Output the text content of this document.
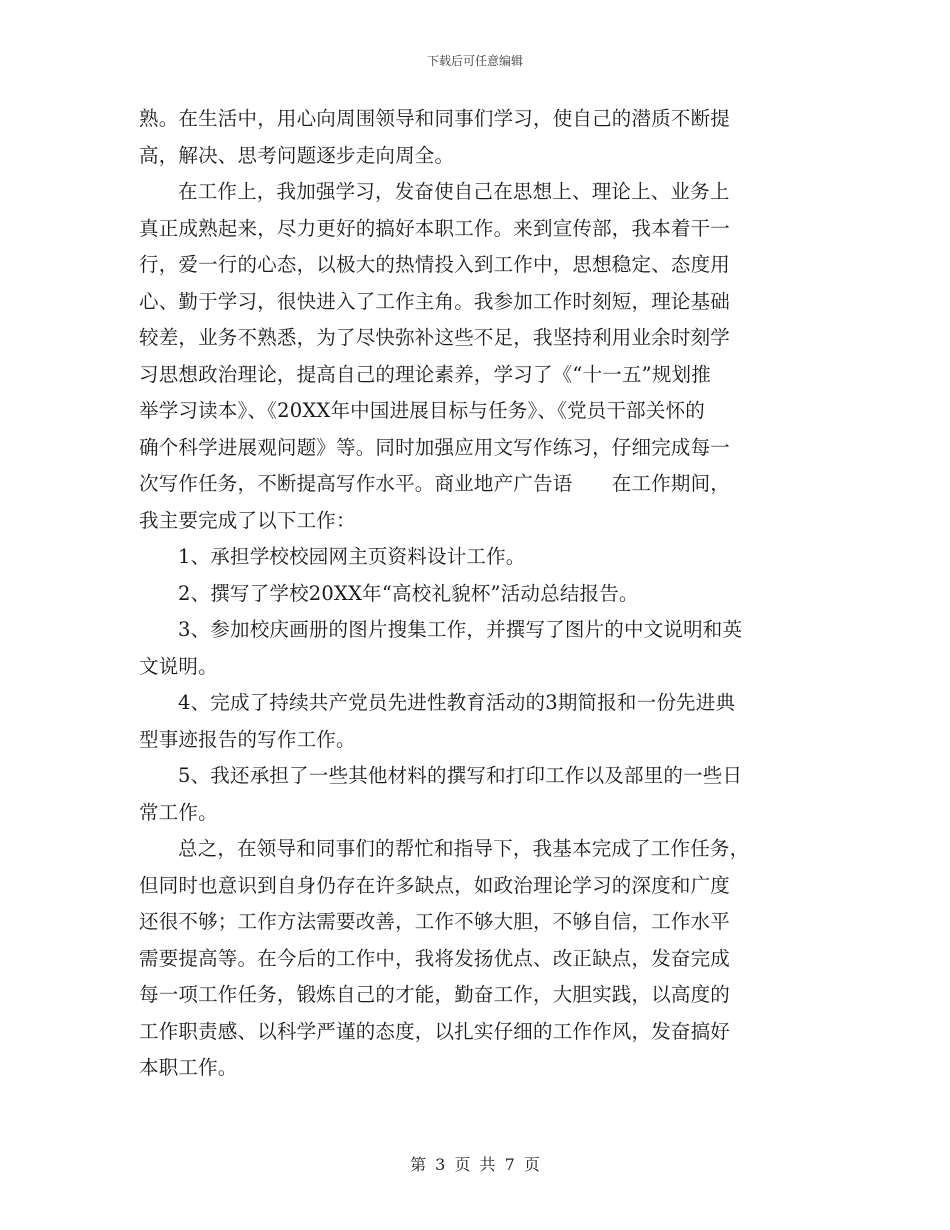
下载后可任意编辑
熟。在生活中，用心向周围领导和同事们学习，使自己的潜质不断提
高，解决、思考问题逐步走向周全。
在工作上，我加强学习，发奋使自己在思想上、理论上、业务上
真正成熟起来，尽力更好的搞好本职工作。来到宣传部，我本着干一
行，爱一行的心态，以极大的热情投入到工作中，思想稳定、态度用
心、勤于学习，很快进入了工作主角。我参加工作时刻短，理论基础
较差，业务不熟悉，为了尽快弥补这些不足，我坚持利用业余时刻学
习思想政治理论，提高自己的理论素养，学习了《“十一五”规划推
举学习读本》、《20XX年中国进展目标与任务》、《党员干部关怀的
确个科学进展观问题》等。同时加强应用文写作练习，仔细完成每一
次写作任务，不断提高写作水平。商业地产广告语　　在工作期间，
我主要完成了以下工作：
1、承担学校校园网主页资料设计工作。
2、撰写了学校20XX年“高校礼貌杯”活动总结报告。
3、参加校庆画册的图片搜集工作，并撰写了图片的中文说明和英
文说明。
4、完成了持续共产党员先进性教育活动的3期简报和一份先进典
型事迹报告的写作工作。
5、我还承担了一些其他材料的撰写和打印工作以及部里的一些日
常工作。
总之，在领导和同事们的帮忙和指导下，我基本完成了工作任务，
但同时也意识到自身仍存在许多缺点，如政治理论学习的深度和广度
还很不够；工作方法需要改善，工作不够大胆，不够自信，工作水平
需要提高等。在今后的工作中，我将发扬优点、改正缺点，发奋完成
每一项工作任务，锻炼自己的才能，勤奋工作，大胆实践，以高度的
工作职责感、以科学严谨的态度，以扎实仔细的工作作风，发奋搞好
本职工作。
第 3 页 共 7 页
